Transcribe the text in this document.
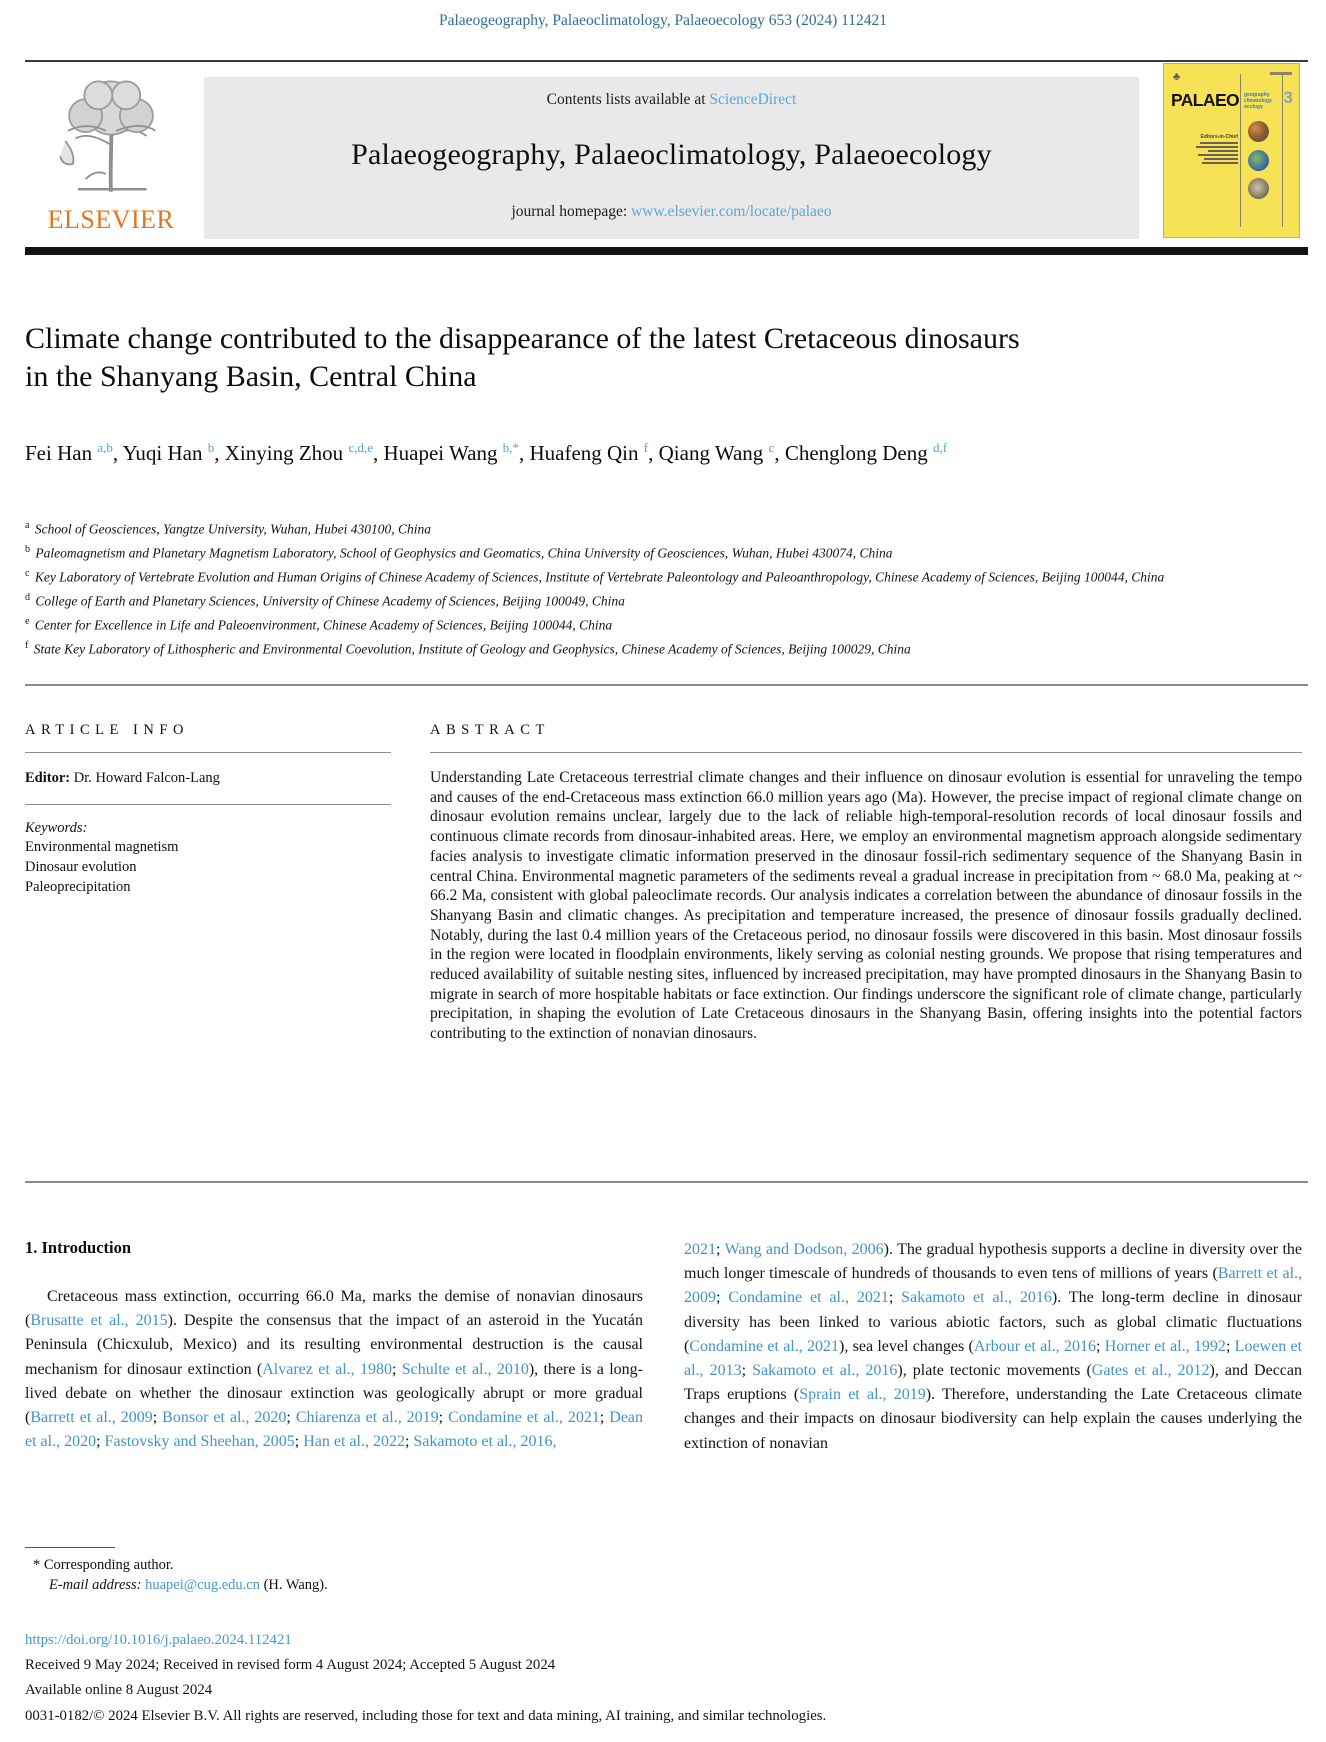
Palaeogeography, Palaeoclimatology, Palaeoecology 653 (2024) 112421
ELSEVIER
Contents lists available at ScienceDirect
Palaeogeography, Palaeoclimatology, Palaeoecology
journal homepage: www.elsevier.com/locate/palaeo
♣
PALAEO geography climatology ecology	3
Editors-in-Chief
Climate change contributed to the disappearance of the latest Cretaceous dinosaurs in the Shanyang Basin, Central China
Fei Han $^{a,b}$, Yuqi Han $^b$, Xinying Zhou $^{c,d,e}$, Huapei Wang $^{b,*}$, Huafeng Qin $^f$, Qiang Wang $^c$, Chenglong Deng $^{d,f}$
$^a$ School of Geosciences, Yangtze University, Wuhan, Hubei 430100, China
$^b$ Paleomagnetism and Planetary Magnetism Laboratory, School of Geophysics and Geomatics, China University of Geosciences, Wuhan, Hubei 430074, China
$^c$ Key Laboratory of Vertebrate Evolution and Human Origins of Chinese Academy of Sciences, Institute of Vertebrate Paleontology and Paleoanthropology, Chinese Academy of Sciences, Beijing 100044, China
$^d$ College of Earth and Planetary Sciences, University of Chinese Academy of Sciences, Beijing 100049, China
$^e$ Center for Excellence in Life and Paleoenvironment, Chinese Academy of Sciences, Beijing 100044, China
$^f$ State Key Laboratory of Lithospheric and Environmental Coevolution, Institute of Geology and Geophysics, Chinese Academy of Sciences, Beijing 100029, China
ARTICLE INFO
Editor: Dr. Howard Falcon-Lang
Keywords:
Environmental magnetism
Dinosaur evolution
Paleoprecipitation
ABSTRACT

Understanding Late Cretaceous terrestrial climate changes and their influence on dinosaur evolution is essential for unraveling the tempo and causes of the end-Cretaceous mass extinction 66.0 million years ago (Ma). However, the precise impact of regional climate change on dinosaur evolution remains unclear, largely due to the lack of reliable high-temporal-resolution records of local dinosaur fossils and continuous climate records from dinosaur-inhabited areas. Here, we employ an environmental magnetism approach alongside sedimentary facies analysis to investigate climatic information preserved in the dinosaur fossil-rich sedimentary sequence of the Shanyang Basin in central China. Environmental magnetic parameters of the sediments reveal a gradual increase in precipitation from ~ 68.0 Ma, peaking at ~ 66.2 Ma, consistent with global paleoclimate records. Our analysis indicates a correlation between the abundance of dinosaur fossils in the Shanyang Basin and climatic changes. As precipitation and temperature increased, the presence of dinosaur fossils gradually declined. Notably, during the last 0.4 million years of the Cretaceous period, no dinosaur fossils were discovered in this basin. Most dinosaur fossils in the region were located in floodplain environments, likely serving as colonial nesting grounds. We propose that rising temperatures and reduced availability of suitable nesting sites, influenced by increased precipitation, may have prompted dinosaurs in the Shanyang Basin to migrate in search of more hospitable habitats or face extinction. Our findings underscore the significant role of climate change, particularly precipitation, in shaping the evolution of Late Cretaceous dinosaurs in the Shanyang Basin, offering insights into the potential factors contributing to the extinction of nonavian dinosaurs.

1. Introduction

Cretaceous mass extinction, occurring 66.0 Ma, marks the demise of nonavian dinosaurs (Brusatte et al., 2015). Despite the consensus that the impact of an asteroid in the Yucatán Peninsula (Chicxulub, Mexico) and its resulting environmental destruction is the causal mechanism for dinosaur extinction (Alvarez et al., 1980; Schulte et al., 2010), there is a long-lived debate on whether the dinosaur extinction was geologically abrupt or more gradual (Barrett et al., 2009; Bonsor et al., 2020; Chiarenza et al., 2019; Condamine et al., 2021; Dean et al., 2020; Fastovsky and Sheehan, 2005; Han et al., 2022; Sakamoto et al., 2016,

2021; Wang and Dodson, 2006). The gradual hypothesis supports a decline in diversity over the much longer timescale of hundreds of thousands to even tens of millions of years (Barrett et al., 2009; Condamine et al., 2021; Sakamoto et al., 2016). The long-term decline in dinosaur diversity has been linked to various abiotic factors, such as global climatic fluctuations (Condamine et al., 2021), sea level changes (Arbour et al., 2016; Horner et al., 1992; Loewen et al., 2013; Sakamoto et al., 2016), plate tectonic movements (Gates et al., 2012), and Deccan Traps eruptions (Sprain et al., 2019). Therefore, understanding the Late Cretaceous climate changes and their impacts on dinosaur biodiversity can help explain the causes underlying the extinction of nonavian

* Corresponding author.
E-mail address: huapei@cug.edu.cn (H. Wang).
https://doi.org/10.1016/j.palaeo.2024.112421
Received 9 May 2024; Received in revised form 4 August 2024; Accepted 5 August 2024
Available online 8 August 2024
0031-0182/© 2024 Elsevier B.V. All rights are reserved, including those for text and data mining, AI training, and similar technologies.
